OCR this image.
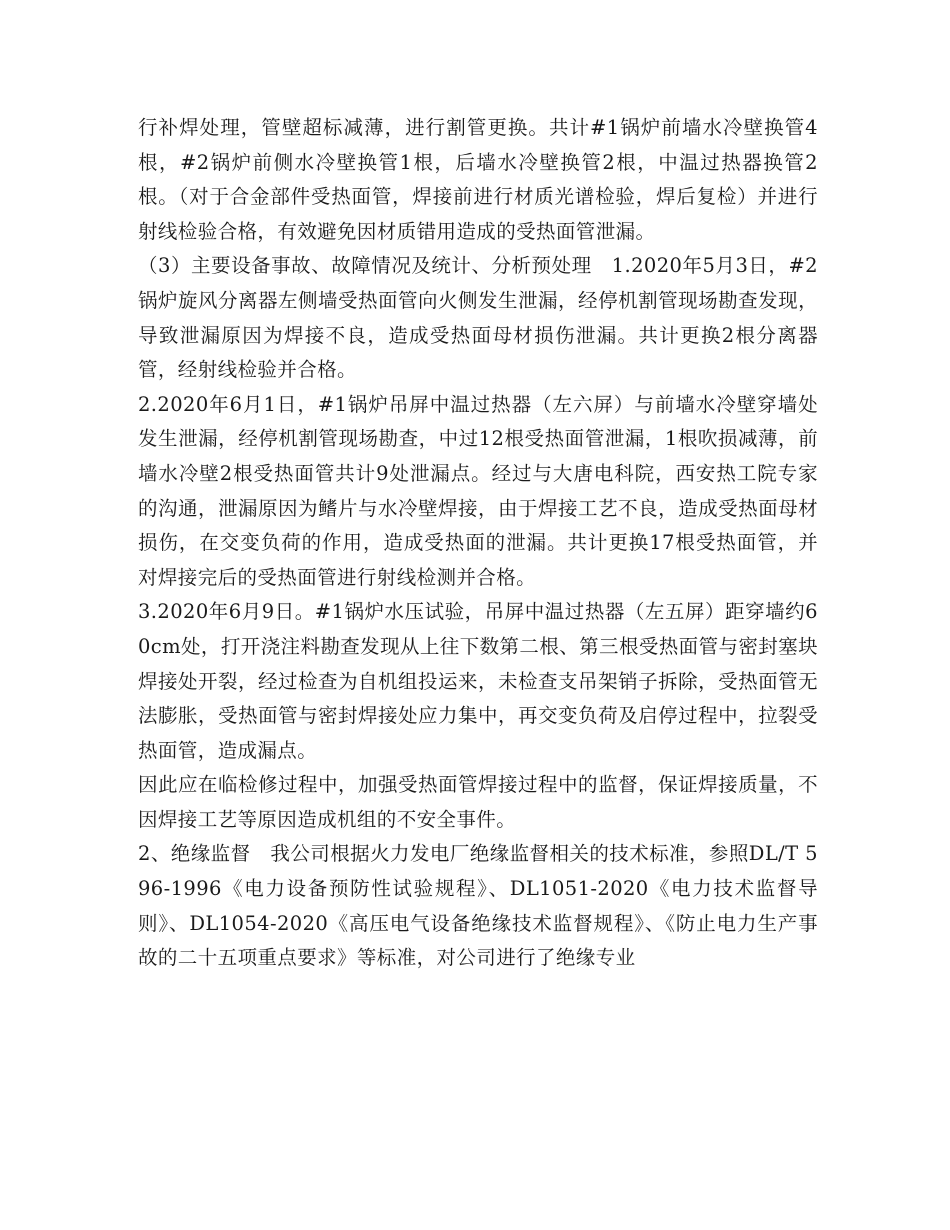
行补焊处理，管壁超标减薄，进行割管更换。共计#1锅炉前墙水冷壁换管4根，#2锅炉前侧水冷壁换管1根，后墙水冷壁换管2根，中温过热器换管2根。（对于合金部件受热面管，焊接前进行材质光谱检验，焊后复检）并进行射线检验合格，有效避免因材质错用造成的受热面管泄漏。

（3）主要设备事故、故障情况及统计、分析预处理　1.2020年5月3日，#2锅炉旋风分离器左侧墙受热面管向火侧发生泄漏，经停机割管现场勘查发现，导致泄漏原因为焊接不良，造成受热面母材损伤泄漏。共计更换2根分离器管，经射线检验并合格。

2.2020年6月1日，#1锅炉吊屏中温过热器（左六屏）与前墙水冷壁穿墙处发生泄漏，经停机割管现场勘查，中过12根受热面管泄漏，1根吹损减薄，前墙水冷壁2根受热面管共计9处泄漏点。经过与大唐电科院，西安热工院专家的沟通，泄漏原因为鳍片与水冷壁焊接，由于焊接工艺不良，造成受热面母材损伤，在交变负荷的作用，造成受热面的泄漏。共计更换17根受热面管，并对焊接完后的受热面管进行射线检测并合格。

3.2020年6月9日。#1锅炉水压试验，吊屏中温过热器（左五屏）距穿墙约60cm处，打开浇注料勘查发现从上往下数第二根、第三根受热面管与密封塞块焊接处开裂，经过检查为自机组投运来，未检查支吊架销子拆除，受热面管无法膨胀，受热面管与密封焊接处应力集中，再交变负荷及启停过程中，拉裂受热面管，造成漏点。

因此应在临检修过程中，加强受热面管焊接过程中的监督，保证焊接质量，不因焊接工艺等原因造成机组的不安全事件。

2、绝缘监督　我公司根据火力发电厂绝缘监督相关的技术标准，参照DL/T 596-1996《电力设备预防性试验规程》、DL1051-2020《电力技术监督导则》、DL1054-2020《高压电气设备绝缘技术监督规程》、《防止电力生产事故的二十五项重点要求》等标准，对公司进行了绝缘专业
